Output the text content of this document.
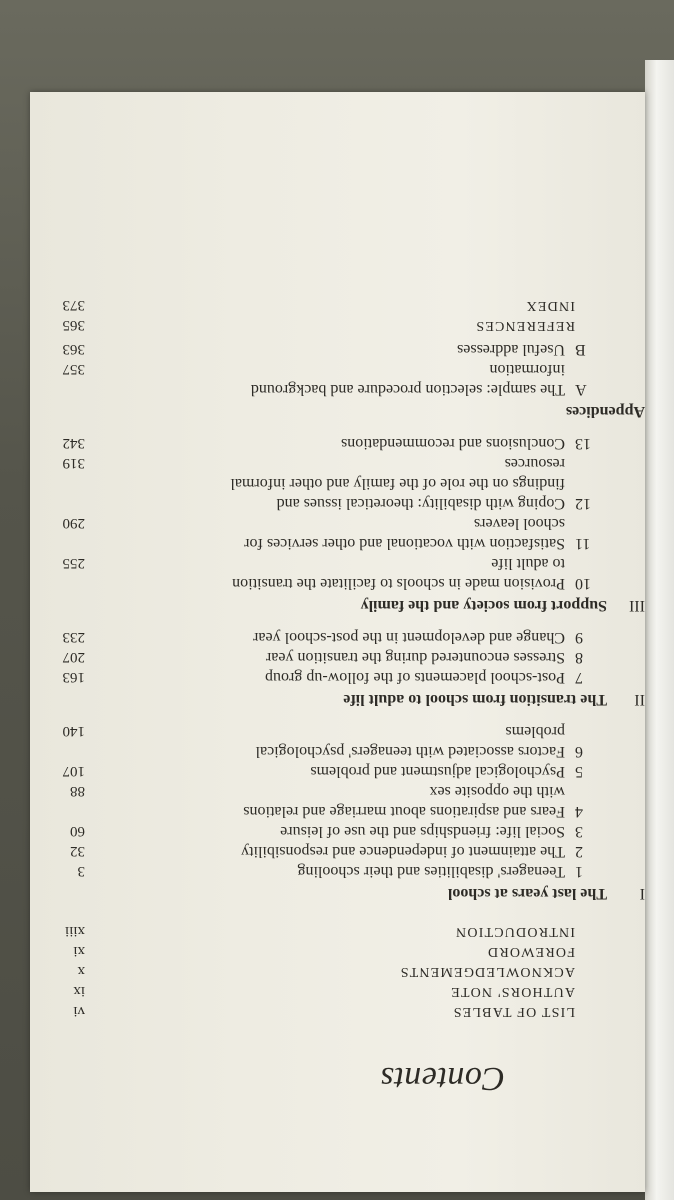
Contents
LIST OF TABLES
vi
AUTHORS' NOTE
ix
ACKNOWLEDGEMENTS
x
FOREWORD
xi
INTRODUCTION
xiii
I
The last years at school
1
Teenagers' disabilities and their schooling
3
2
The attainment of independence and responsibility
32
3
Social life: friendships and the use of leisure
60
4
Fears and aspirations about marriage and relations
with the opposite sex
88
5
Psychological adjustment and problems
107
6
Factors associated with teenagers' psychological
problems
140
II
The transition from school to adult life
7
Post-school placements of the follow-up group
163
8
Stresses encountered during the transition year
207
9
Change and development in the post-school year
233
III
Support from society and the family
10
Provision made in schools to facilitate the transition
to adult life
255
11
Satisfaction with vocational and other services for
school leavers
290
12
Coping with disability: theoretical issues and
findings on the role of the family and other informal
resources
319
13
Conclusions and recommendations
342
Appendices
A
The sample: selection procedure and background
information
357
B
Useful addresses
363
REFERENCES
365
INDEX
373
